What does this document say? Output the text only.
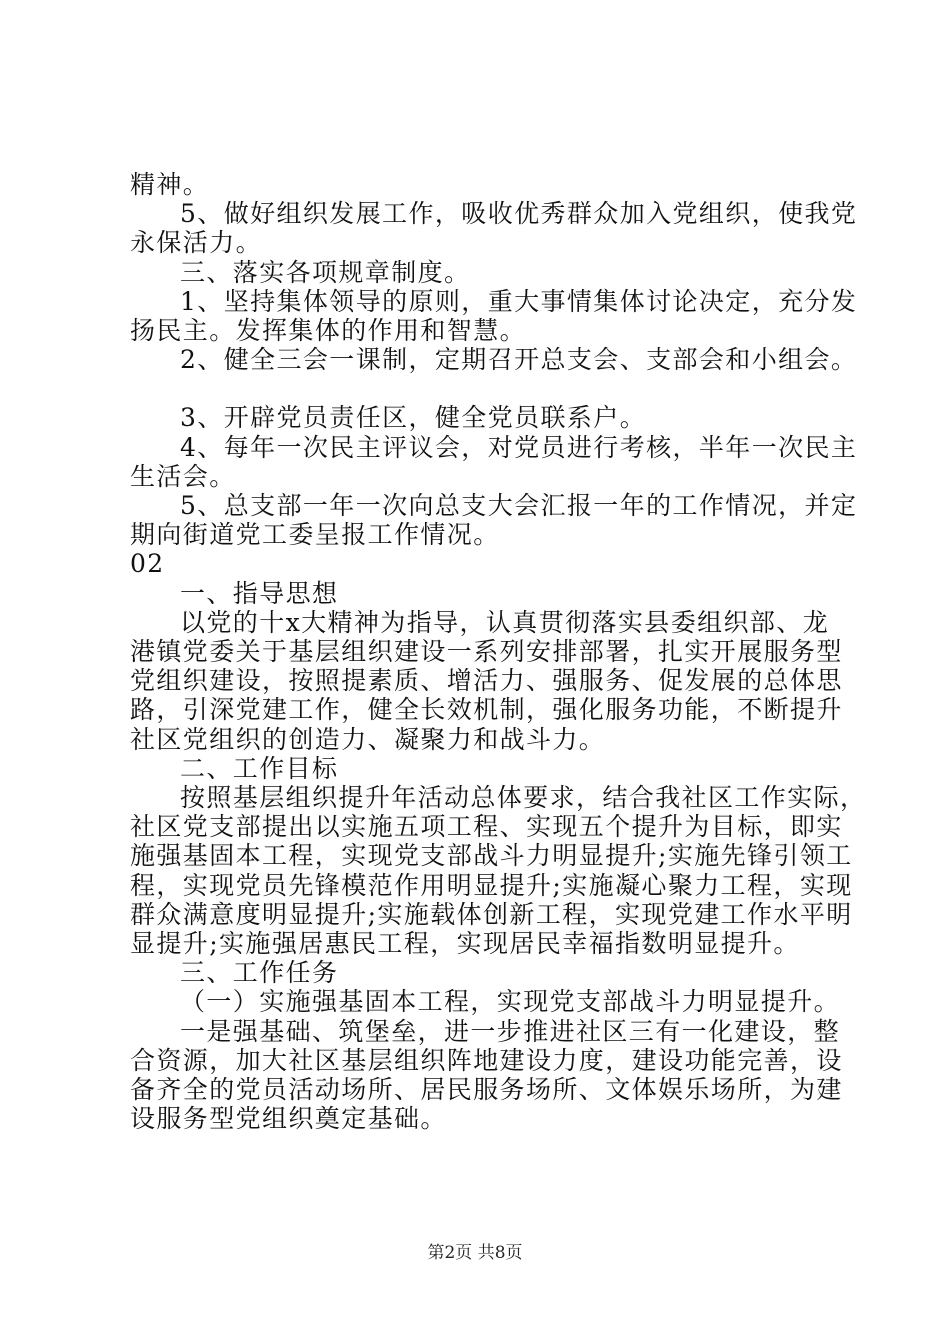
精神。
5、做好组织发展工作，吸收优秀群众加入党组织，使我党
永保活力。
三、落实各项规章制度。
1、坚持集体领导的原则，重大事情集体讨论决定，充分发
扬民主。发挥集体的作用和智慧。
2、健全三会一课制，定期召开总支会、支部会和小组会。
3、开辟党员责任区，健全党员联系户。
4、每年一次民主评议会，对党员进行考核，半年一次民主
生活会。
5、总支部一年一次向总支大会汇报一年的工作情况，并定
期向街道党工委呈报工作情况。
02
一、指导思想
以党的十x大精神为指导，认真贯彻落实县委组织部、龙
港镇党委关于基层组织建设一系列安排部署，扎实开展服务型
党组织建设，按照提素质、增活力、强服务、促发展的总体思
路，引深党建工作，健全长效机制，强化服务功能，不断提升
社区党组织的创造力、凝聚力和战斗力。
二、工作目标
按照基层组织提升年活动总体要求，结合我社区工作实际，
社区党支部提出以实施五项工程、实现五个提升为目标，即实
施强基固本工程，实现党支部战斗力明显提升;实施先锋引领工
程，实现党员先锋模范作用明显提升;实施凝心聚力工程，实现
群众满意度明显提升;实施载体创新工程，实现党建工作水平明
显提升;实施强居惠民工程，实现居民幸福指数明显提升。
三、工作任务
（一）实施强基固本工程，实现党支部战斗力明显提升。
一是强基础、筑堡垒，进一步推进社区三有一化建设，整
合资源，加大社区基层组织阵地建设力度，建设功能完善，设
备齐全的党员活动场所、居民服务场所、文体娱乐场所，为建
设服务型党组织奠定基础。
第2页 共8页
